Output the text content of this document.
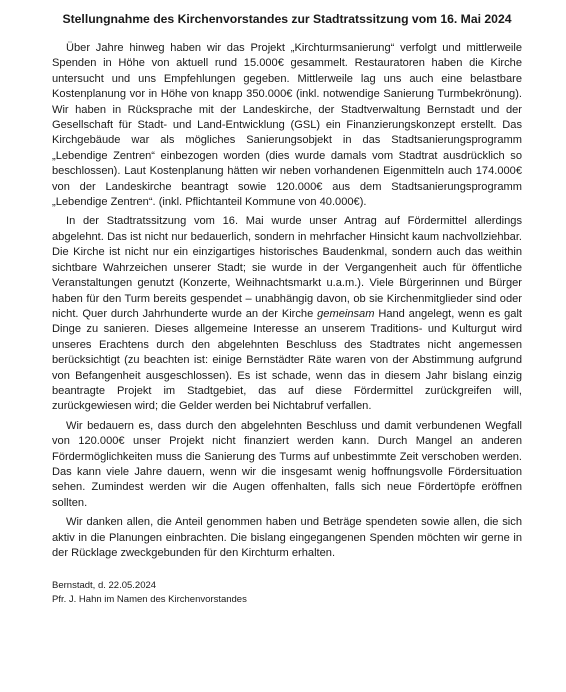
Stellungnahme des Kirchenvorstandes zur Stadtratssitzung vom 16. Mai 2024

Über Jahre hinweg haben wir das Projekt „Kirchturmsanierung“ verfolgt und mittlerweile Spenden in Höhe von aktuell rund 15.000€ gesammelt. Restauratoren haben die Kirche untersucht und uns Empfehlungen gegeben. Mittlerweile lag uns auch eine belastbare Kostenplanung vor in Höhe von knapp 350.000€ (inkl. notwendige Sanierung Turmbekrönung). Wir haben in Rücksprache mit der Landeskirche, der Stadtverwaltung Bernstadt und der Gesellschaft für Stadt- und Land-Entwicklung (GSL) ein Finanzierungskonzept erstellt. Das Kirchgebäude war als mögliches Sanierungsobjekt in das Stadtsanierungsprogramm „Lebendige Zentren“ einbezogen worden (dies wurde damals vom Stadtrat ausdrücklich so beschlossen). Laut Kostenplanung hätten wir neben vorhandenen Eigenmitteln auch 174.000€ von der Landeskirche beantragt sowie 120.000€ aus dem Stadtsanierungsprogramm „Lebendige Zentren“. (inkl. Pflichtanteil Kommune von 40.000€).

In der Stadtratssitzung vom 16. Mai wurde unser Antrag auf Fördermittel allerdings abgelehnt. Das ist nicht nur bedauerlich, sondern in mehrfacher Hinsicht kaum nachvollziehbar. Die Kirche ist nicht nur ein einzigartiges historisches Baudenkmal, sondern auch das weithin sichtbare Wahrzeichen unserer Stadt; sie wurde in der Vergangenheit auch für öffentliche Veranstaltungen genutzt (Konzerte, Weihnachtsmarkt u.a.m.). Viele Bürgerinnen und Bürger haben für den Turm bereits gespendet – unabhängig davon, ob sie Kirchenmitglieder sind oder nicht. Quer durch Jahrhunderte wurde an der Kirche gemeinsam Hand angelegt, wenn es galt Dinge zu sanieren. Dieses allgemeine Interesse an unserem Traditions- und Kulturgut wird unseres Erachtens durch den abgelehnten Beschluss des Stadtrates nicht angemessen berücksichtigt (zu beachten ist: einige Bernstädter Räte waren von der Abstimmung aufgrund von Befangenheit ausgeschlossen). Es ist schade, wenn das in diesem Jahr bislang einzig beantragte Projekt im Stadtgebiet, das auf diese Fördermittel zurückgreifen will, zurückgewiesen wird; die Gelder werden bei Nichtabruf verfallen.

Wir bedauern es, dass durch den abgelehnten Beschluss und damit verbundenen Wegfall von 120.000€ unser Projekt nicht finanziert werden kann. Durch Mangel an anderen Fördermöglichkeiten muss die Sanierung des Turms auf unbestimmte Zeit verschoben werden. Das kann viele Jahre dauern, wenn wir die insgesamt wenig hoffnungsvolle Fördersituation sehen. Zumindest werden wir die Augen offenhalten, falls sich neue Fördertöpfe eröffnen sollten.

Wir danken allen, die Anteil genommen haben und Beträge spendeten sowie allen, die sich aktiv in die Planungen einbrachten. Die bislang eingegangenen Spenden möchten wir gerne in der Rücklage zweckgebunden für den Kirchturm erhalten.

Bernstadt, d. 22.05.2024
Pfr. J. Hahn im Namen des Kirchenvorstandes
